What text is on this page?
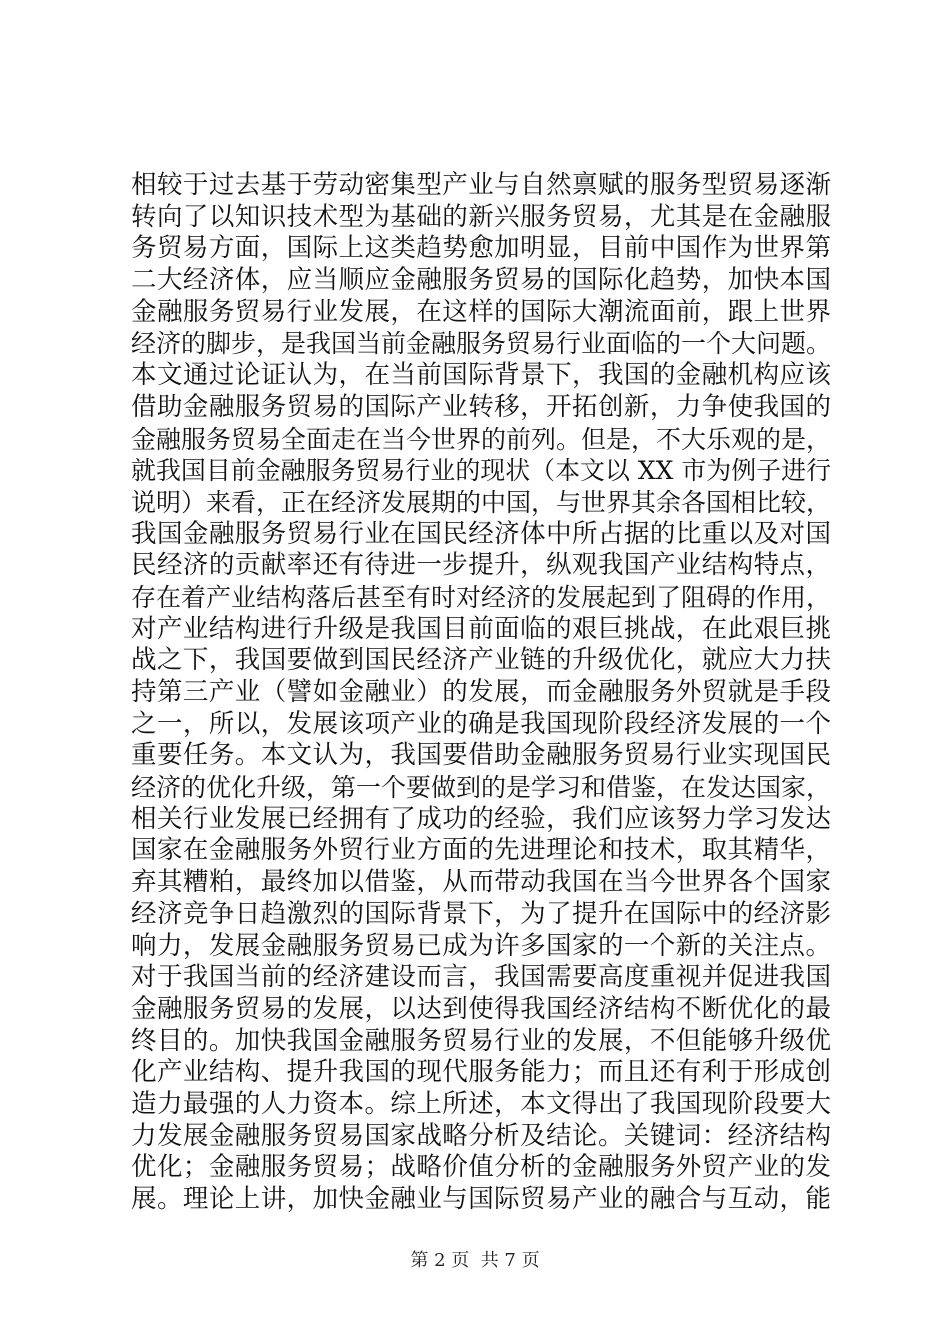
相较于过去基于劳动密集型产业与自然禀赋的服务型贸易逐渐
转向了以知识技术型为基础的新兴服务贸易，尤其是在金融服
务贸易方面，国际上这类趋势愈加明显，目前中国作为世界第
二大经济体，应当顺应金融服务贸易的国际化趋势，加快本国
金融服务贸易行业发展，在这样的国际大潮流面前，跟上世界
经济的脚步，是我国当前金融服务贸易行业面临的一个大问题。
本文通过论证认为，在当前国际背景下，我国的金融机构应该
借助金融服务贸易的国际产业转移，开拓创新，力争使我国的
金融服务贸易全面走在当今世界的前列。但是，不大乐观的是，
就我国目前金融服务贸易行业的现状（本文以 XX 市为例子进行
说明）来看，正在经济发展期的中国，与世界其余各国相比较，
我国金融服务贸易行业在国民经济体中所占据的比重以及对国
民经济的贡献率还有待进一步提升，纵观我国产业结构特点，
存在着产业结构落后甚至有时对经济的发展起到了阻碍的作用，
对产业结构进行升级是我国目前面临的艰巨挑战，在此艰巨挑
战之下，我国要做到国民经济产业链的升级优化，就应大力扶
持第三产业（譬如金融业）的发展，而金融服务外贸就是手段
之一，所以，发展该项产业的确是我国现阶段经济发展的一个
重要任务。本文认为，我国要借助金融服务贸易行业实现国民
经济的优化升级，第一个要做到的是学习和借鉴，在发达国家，
相关行业发展已经拥有了成功的经验，我们应该努力学习发达
国家在金融服务外贸行业方面的先进理论和技术，取其精华，
弃其糟粕，最终加以借鉴，从而带动我国在当今世界各个国家
经济竞争日趋激烈的国际背景下，为了提升在国际中的经济影
响力，发展金融服务贸易已成为许多国家的一个新的关注点。
对于我国当前的经济建设而言，我国需要高度重视并促进我国
金融服务贸易的发展，以达到使得我国经济结构不断优化的最
终目的。加快我国金融服务贸易行业的发展，不但能够升级优
化产业结构、提升我国的现代服务能力；而且还有利于形成创
造力最强的人力资本。综上所述，本文得出了我国现阶段要大
力发展金融服务贸易国家战略分析及结论。关键词：经济结构
优化；金融服务贸易；战略价值分析的金融服务外贸产业的发
展。理论上讲，加快金融业与国际贸易产业的融合与互动，能
第 2 页  共 7 页
